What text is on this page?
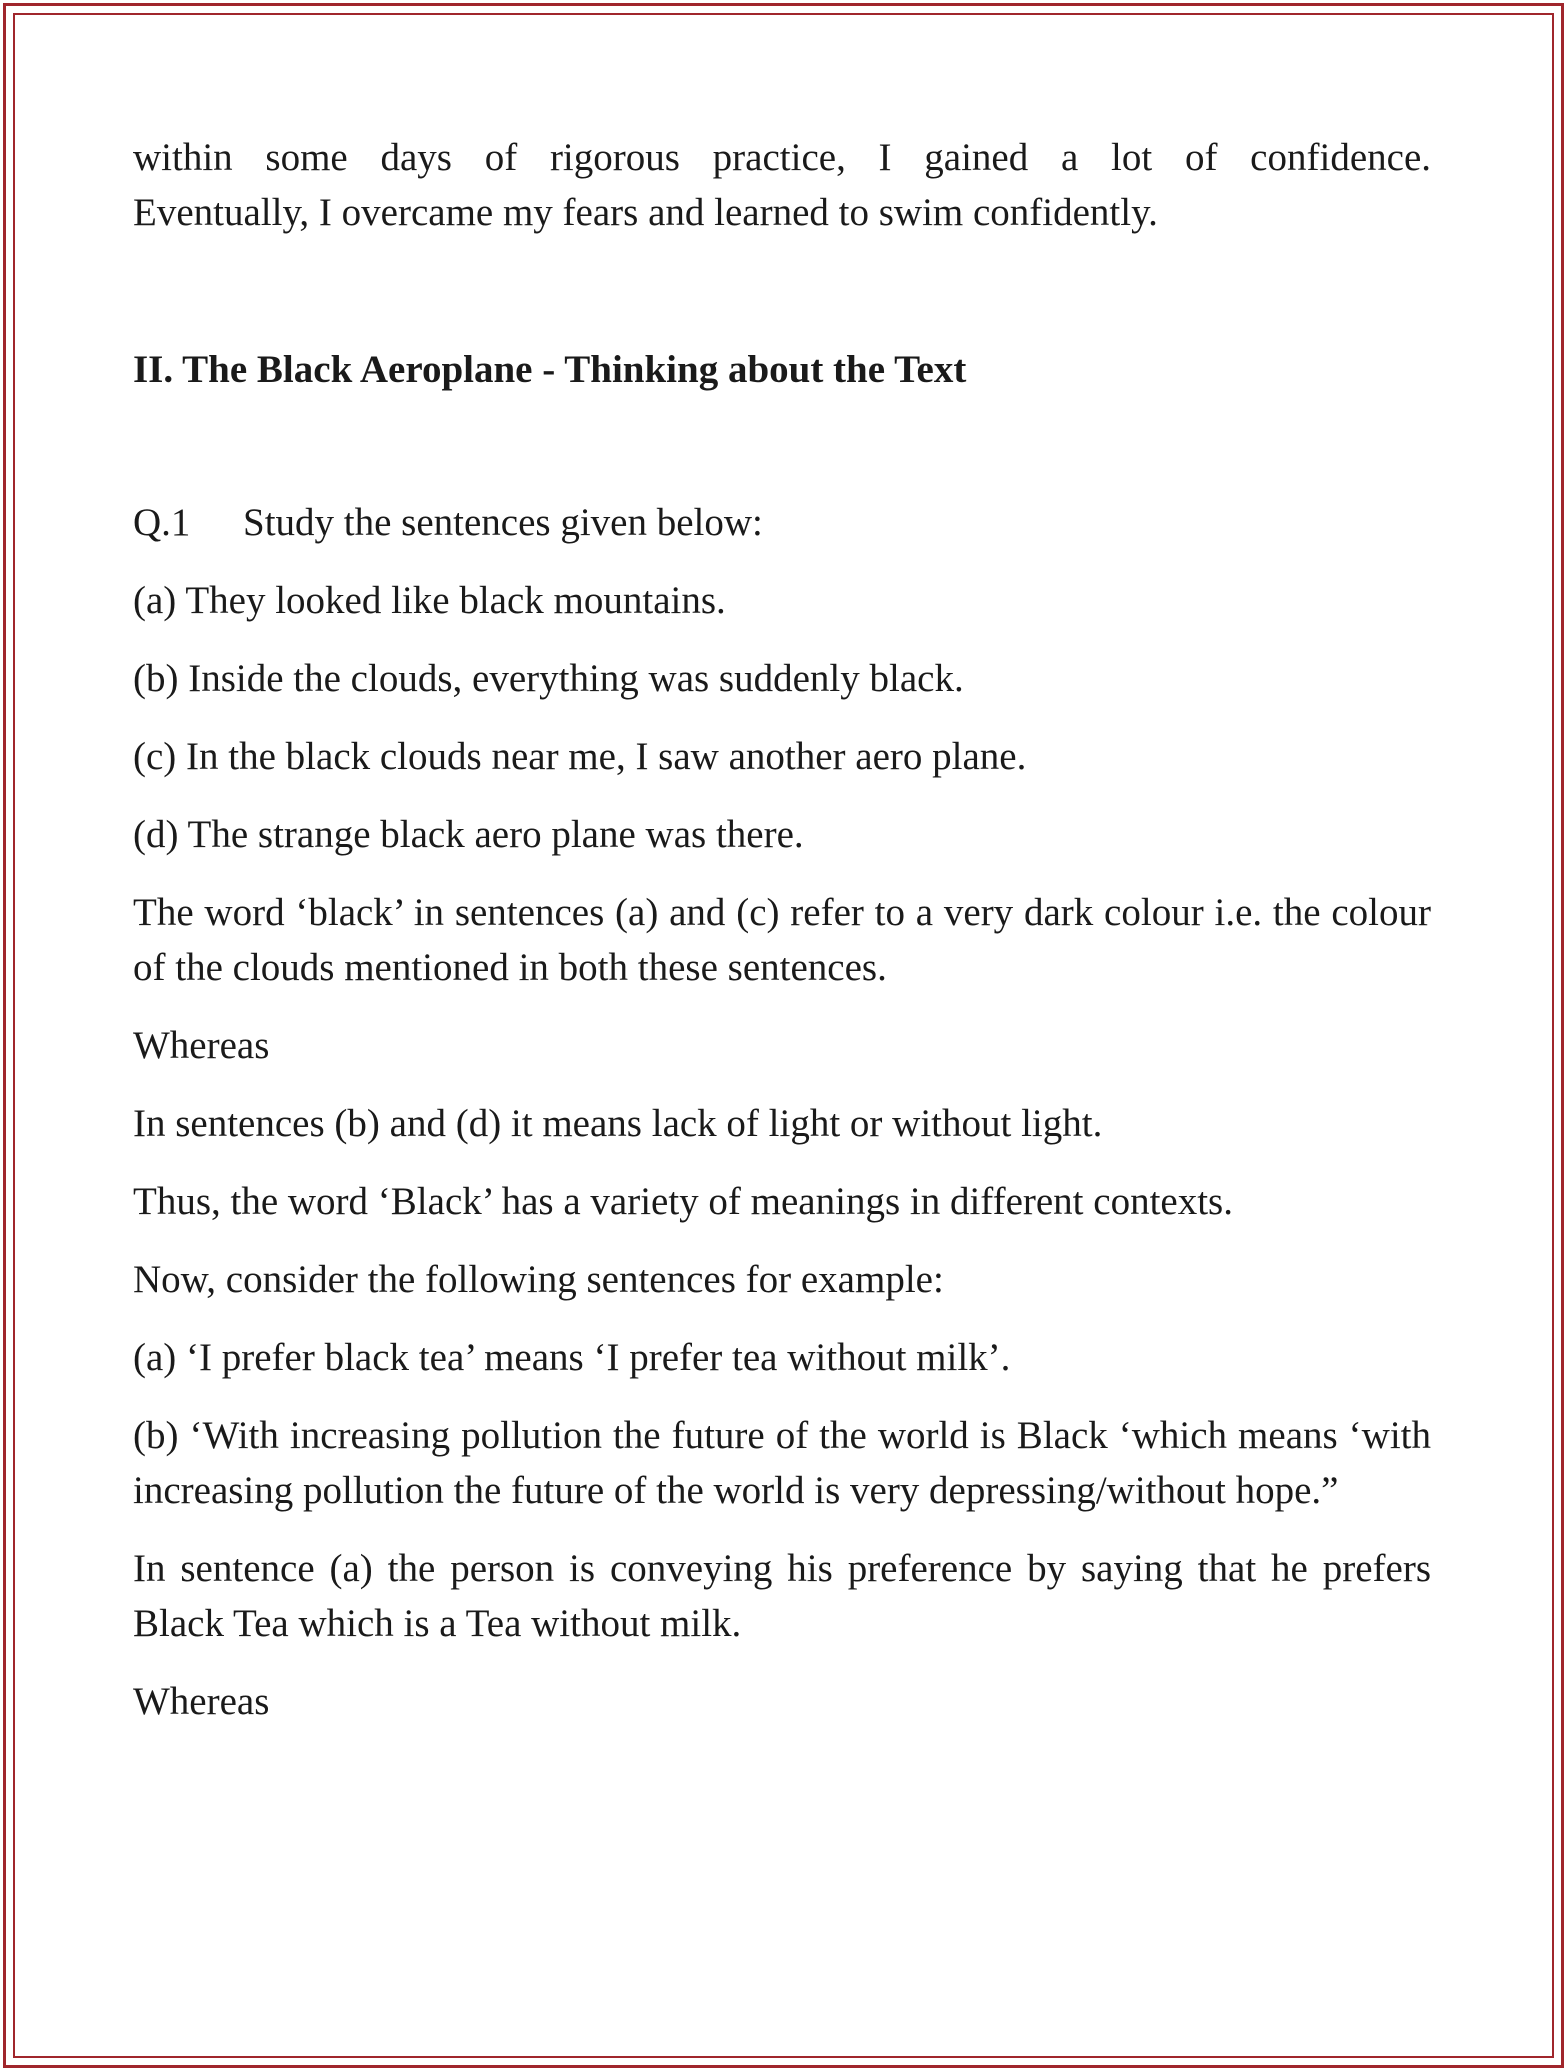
within some days of rigorous practice, I gained a lot of confidence.

Eventually, I overcame my fears and learned to swim confidently.

II. The Black Aeroplane - Thinking about the Text

Q.1 Study the sentences given below:

(a) They looked like black mountains.

(b) Inside the clouds, everything was suddenly black.

(c) In the black clouds near me, I saw another aero plane.

(d) The strange black aero plane was there.

The word ‘black’ in sentences (a) and (c) refer to a very dark colour i.e. the colour of the clouds mentioned in both these sentences.

Whereas

In sentences (b) and (d) it means lack of light or without light.

Thus, the word ‘Black’ has a variety of meanings in different contexts.

Now, consider the following sentences for example:

(a) ‘I prefer black tea’ means ‘I prefer tea without milk’.

(b) ‘With increasing pollution the future of the world is Black ‘which means ‘with increasing pollution the future of the world is very depressing/without hope.”

In sentence (a) the person is conveying his preference by saying that he prefers Black Tea which is a Tea without milk.

Whereas
